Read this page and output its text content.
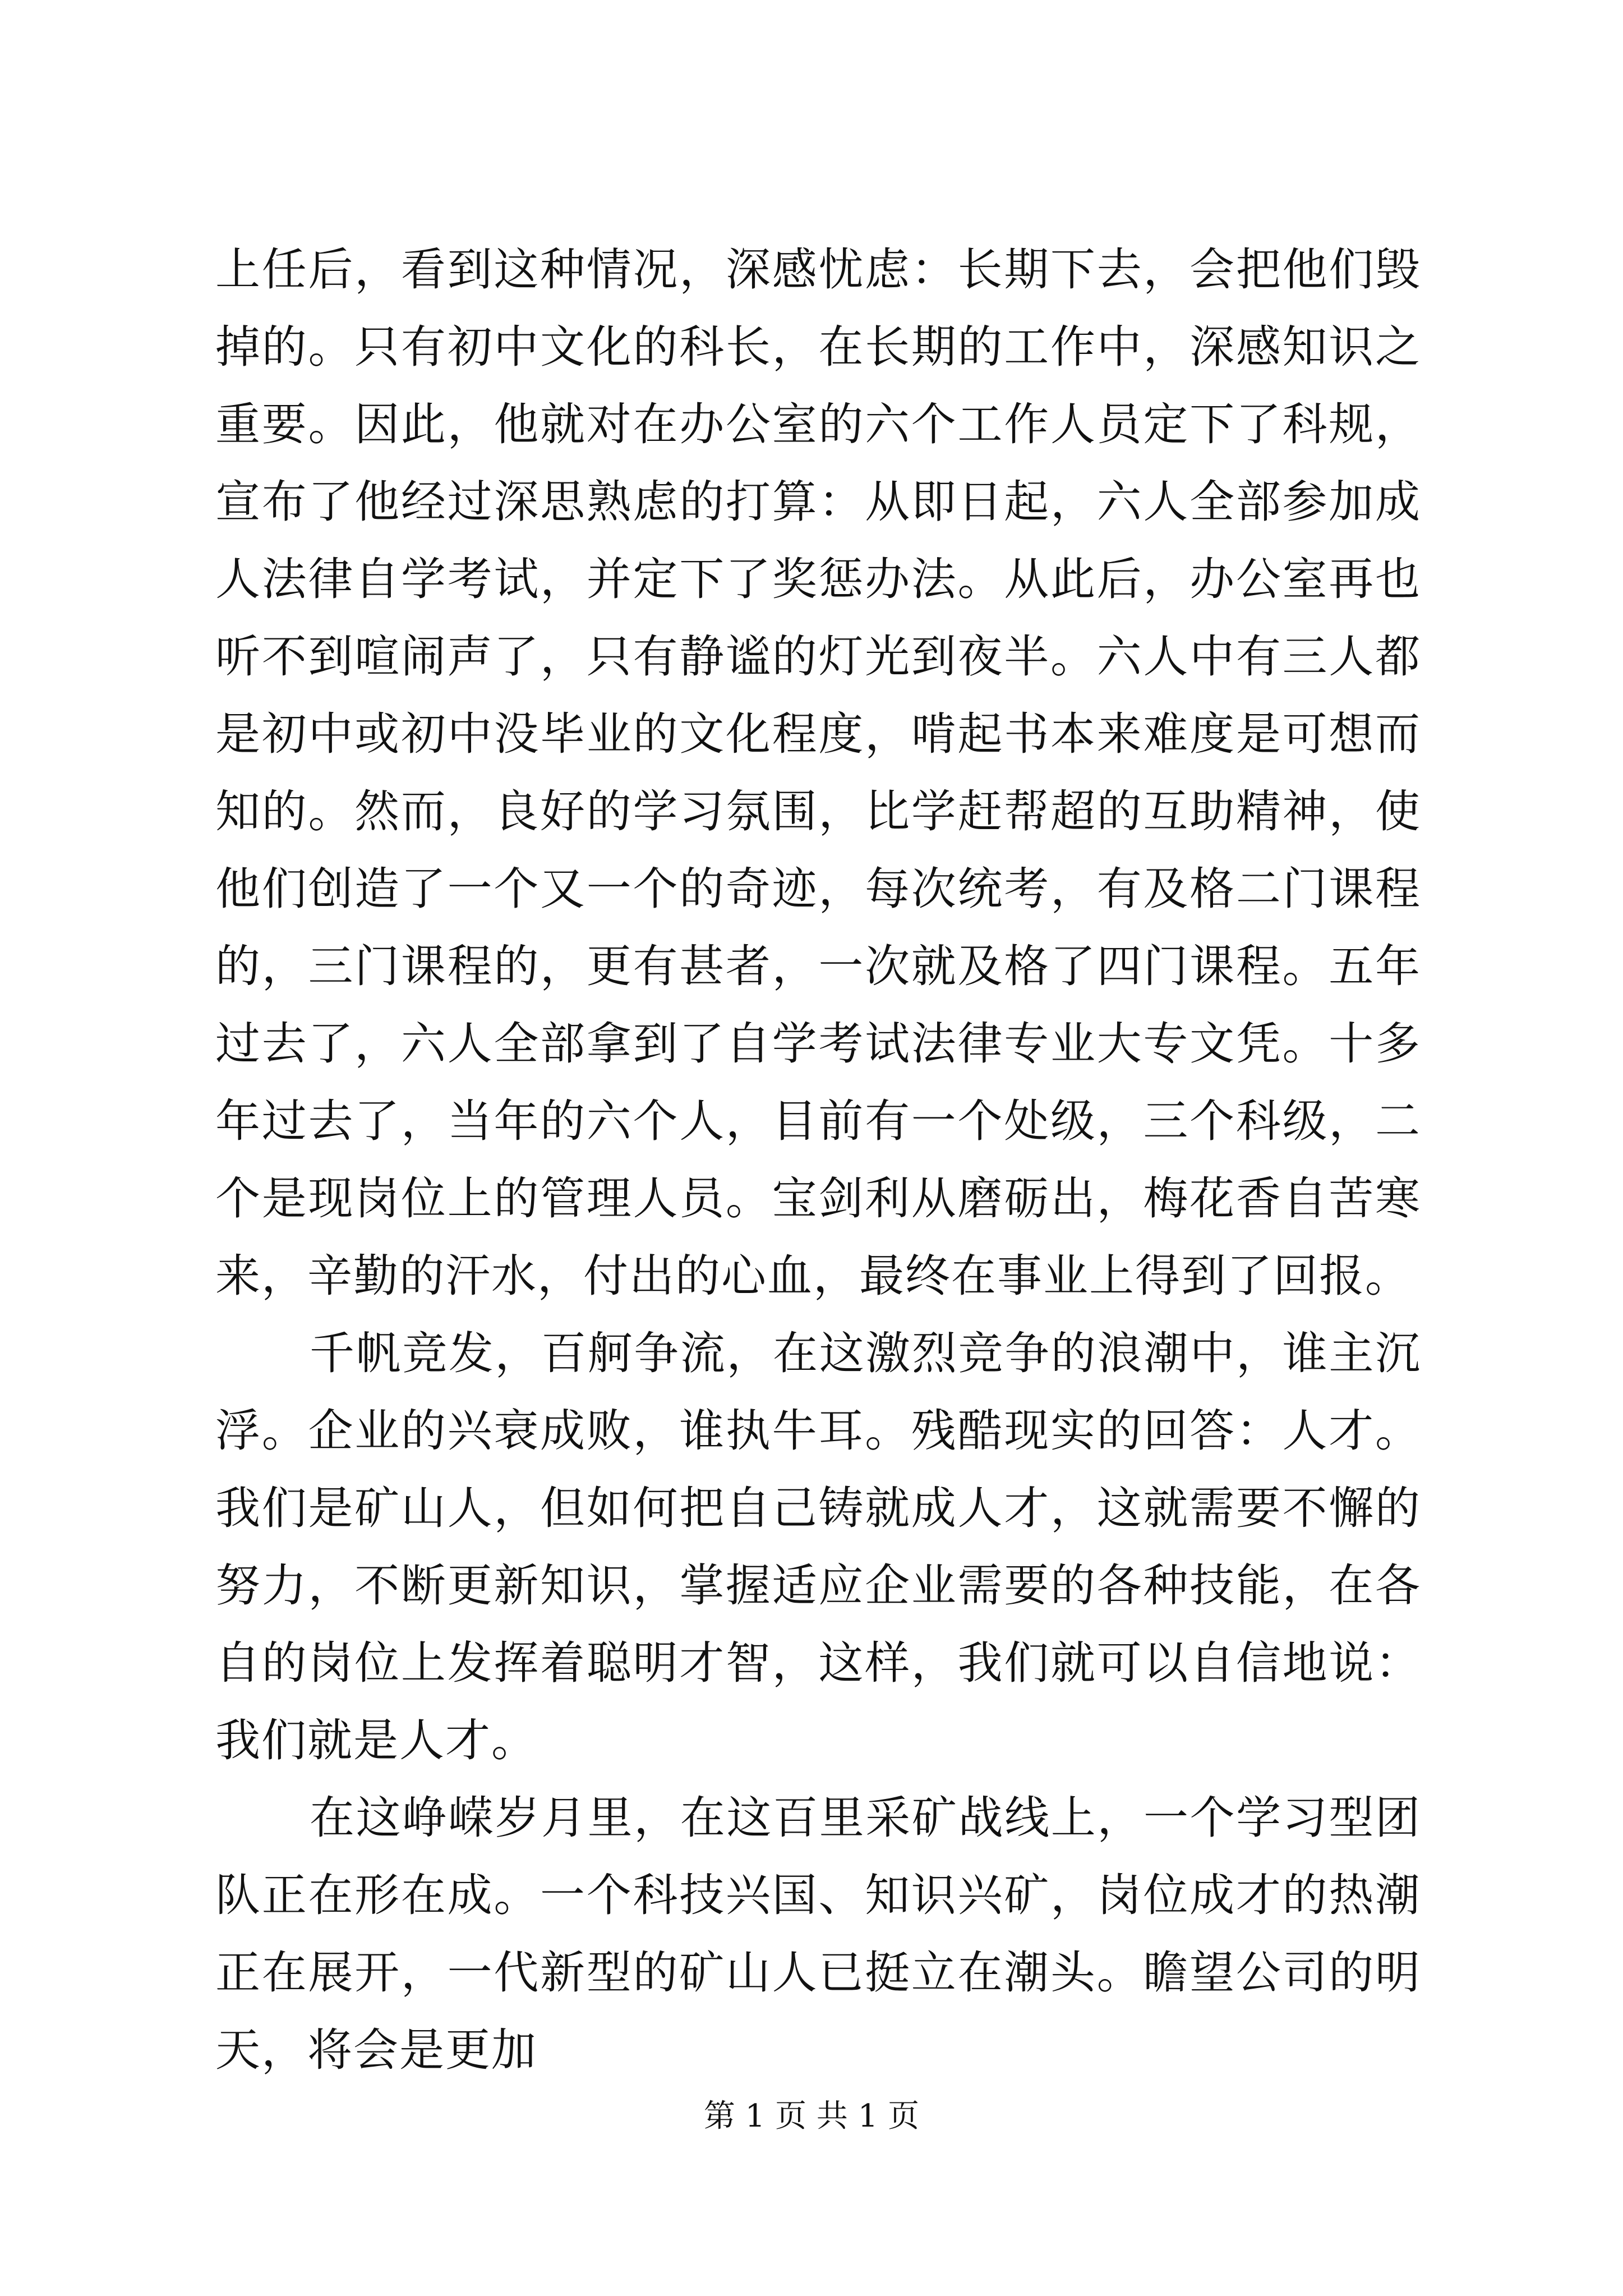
上任后，看到这种情况，深感忧虑：长期下去，会把他们毁掉的。只有初中文化的科长，在长期的工作中，深感知识之重要。因此，他就对在办公室的六个工作人员定下了科规，宣布了他经过深思熟虑的打算：从即日起，六人全部参加成人法律自学考试，并定下了奖惩办法。从此后，办公室再也听不到喧闹声了，只有静谧的灯光到夜半。六人中有三人都是初中或初中没毕业的文化程度，啃起书本来难度是可想而知的。然而，良好的学习氛围，比学赶帮超的互助精神，使他们创造了一个又一个的奇迹，每次统考，有及格二门课程的，三门课程的，更有甚者，一次就及格了四门课程。五年过去了，六人全部拿到了自学考试法律专业大专文凭。十多年过去了，当年的六个人，目前有一个处级，三个科级，二个是现岗位上的管理人员。宝剑利从磨砺出，梅花香自苦寒来，辛勤的汗水，付出的心血，最终在事业上得到了回报。

千帆竞发，百舸争流，在这激烈竞争的浪潮中，谁主沉浮。企业的兴衰成败，谁执牛耳。残酷现实的回答：人才。我们是矿山人，但如何把自己铸就成人才，这就需要不懈的努力，不断更新知识，掌握适应企业需要的各种技能，在各自的岗位上发挥着聪明才智，这样，我们就可以自信地说：我们就是人才。

在这峥嵘岁月里，在这百里采矿战线上，一个学习型团队正在形在成。一个科技兴国、知识兴矿，岗位成才的热潮正在展开，一代新型的矿山人已挺立在潮头。瞻望公司的明天，将会是更加

第 1 页 共 1 页
